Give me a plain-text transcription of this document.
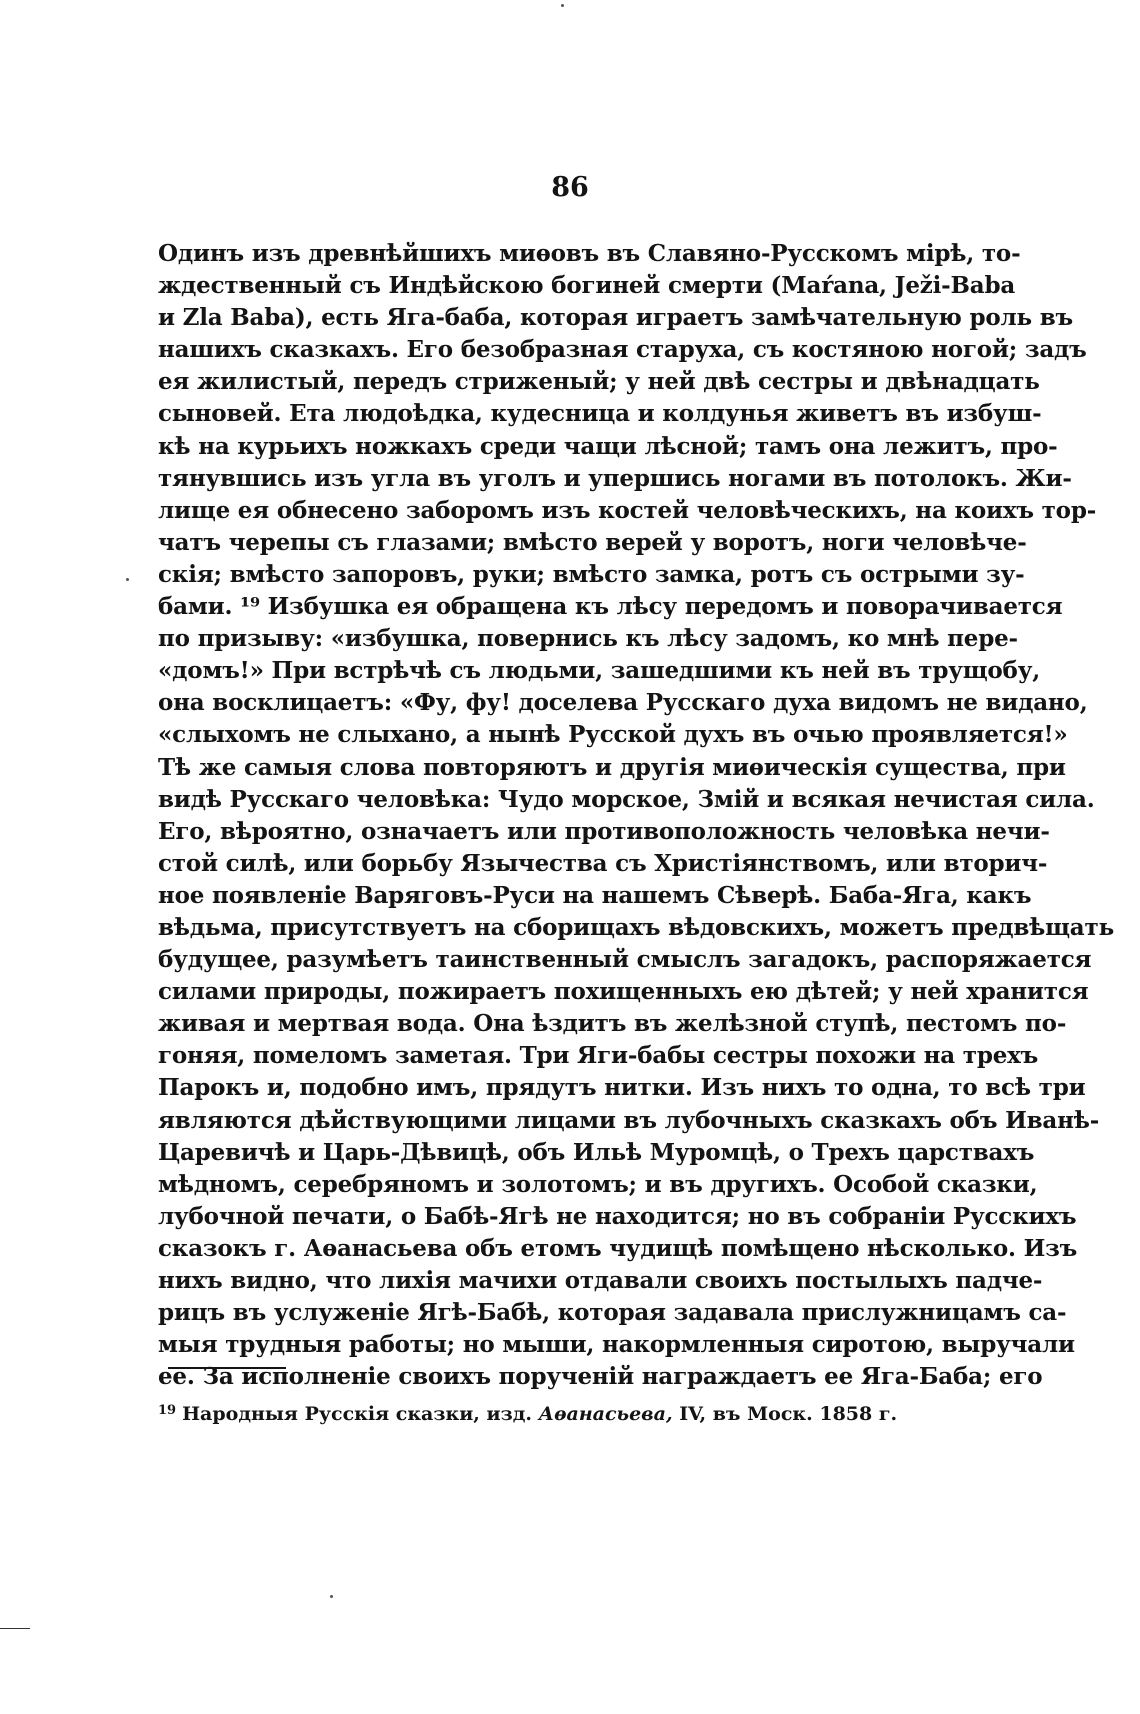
86
Одинъ изъ древнѣйшихъ миѳовъ въ Славяно-Русскомъ мірѣ, то-
ждественный съ Индѣйскою богиней смерти (Maŕana, Ježi-Baba
и Zla Baba), есть Яга-баба, которая играетъ замѣчательную роль въ
нашихъ сказкахъ. Его безобразная старуха, съ костяною ногой; задъ
ея жилистый, передъ стриженый; у ней двѣ сестры и двѣнадцать
сыновей. Ета людоѣдка, кудесница и колдунья живетъ въ избуш-
кѣ на курьихъ ножкахъ среди чащи лѣсной; тамъ она лежитъ, про-
тянувшись изъ угла въ уголъ и упершись ногами въ потолокъ. Жи-
лище ея обнесено заборомъ изъ костей человѣческихъ, на коихъ тор-
чатъ черепы съ глазами; вмѣсто верей у воротъ, ноги человѣче-
скія; вмѣсто запоровъ, руки; вмѣсто замка, ротъ съ острыми зу-
бами. ¹⁹ Избушка ея обращена къ лѣсу передомъ и поворачивается
по призыву: «избушка, повернись къ лѣсу задомъ, ко мнѣ пере-
«домъ!» При встрѣчѣ съ людьми, зашедшими къ ней въ трущобу,
она восклицаетъ: «Фу, фу! доселева Русскаго духа видомъ не видано,
«слыхомъ не слыхано, а нынѣ Русской духъ въ очью проявляется!»
Тѣ же самыя слова повторяютъ и другія миѳическія существа, при
видѣ Русскаго человѣка: Чудо морское, Змій и всякая нечистая сила.
Его, вѣроятно, означаетъ или противоположность человѣка нечи-
стой силѣ, или борьбу Язычества съ Христіянствомъ, или вторич-
ное появленіе Варяговъ-Руси на нашемъ Сѣверѣ. Баба-Яга, какъ
вѣдьма, присутствуетъ на сборищахъ вѣдовскихъ, можетъ предвѣщать
будущее, разумѣетъ таинственный смыслъ загадокъ, распоряжается
силами природы, пожираетъ похищенныхъ ею дѣтей; у ней хранится
живая и мертвая вода. Она ѣздитъ въ желѣзной ступѣ, пестомъ по-
гоняя, помеломъ заметая. Три Яги-бабы сестры похожи на трехъ
Парокъ и, подобно имъ, прядутъ нитки. Изъ нихъ то одна, то всѣ три
являются дѣйствующими лицами въ лубочныхъ сказкахъ объ Иванѣ-
Царевичѣ и Царь-Дѣвицѣ, объ Ильѣ Муромцѣ, о Трехъ царствахъ
мѣдномъ, серебряномъ и золотомъ; и въ другихъ. Особой сказки,
лубочной печати, о Бабѣ-Ягѣ не находится; но въ собраніи Русскихъ
сказокъ г. Аѳанасьева объ етомъ чудищѣ помѣщено нѣсколько. Изъ
нихъ видно, что лихія мачихи отдавали своихъ постылыхъ падче-
рицъ въ услуженіе Ягѣ-Бабѣ, которая задавала прислужницамъ са-
мыя трудныя работы; но мыши, накормленныя сиротою, выручали
ее. За исполненіе своихъ порученій награждаетъ ее Яга-Баба; его
$^{19}$ Народныя Русскія сказки, изд. Аѳанасьева, IV, въ Моск. 1858 г.
